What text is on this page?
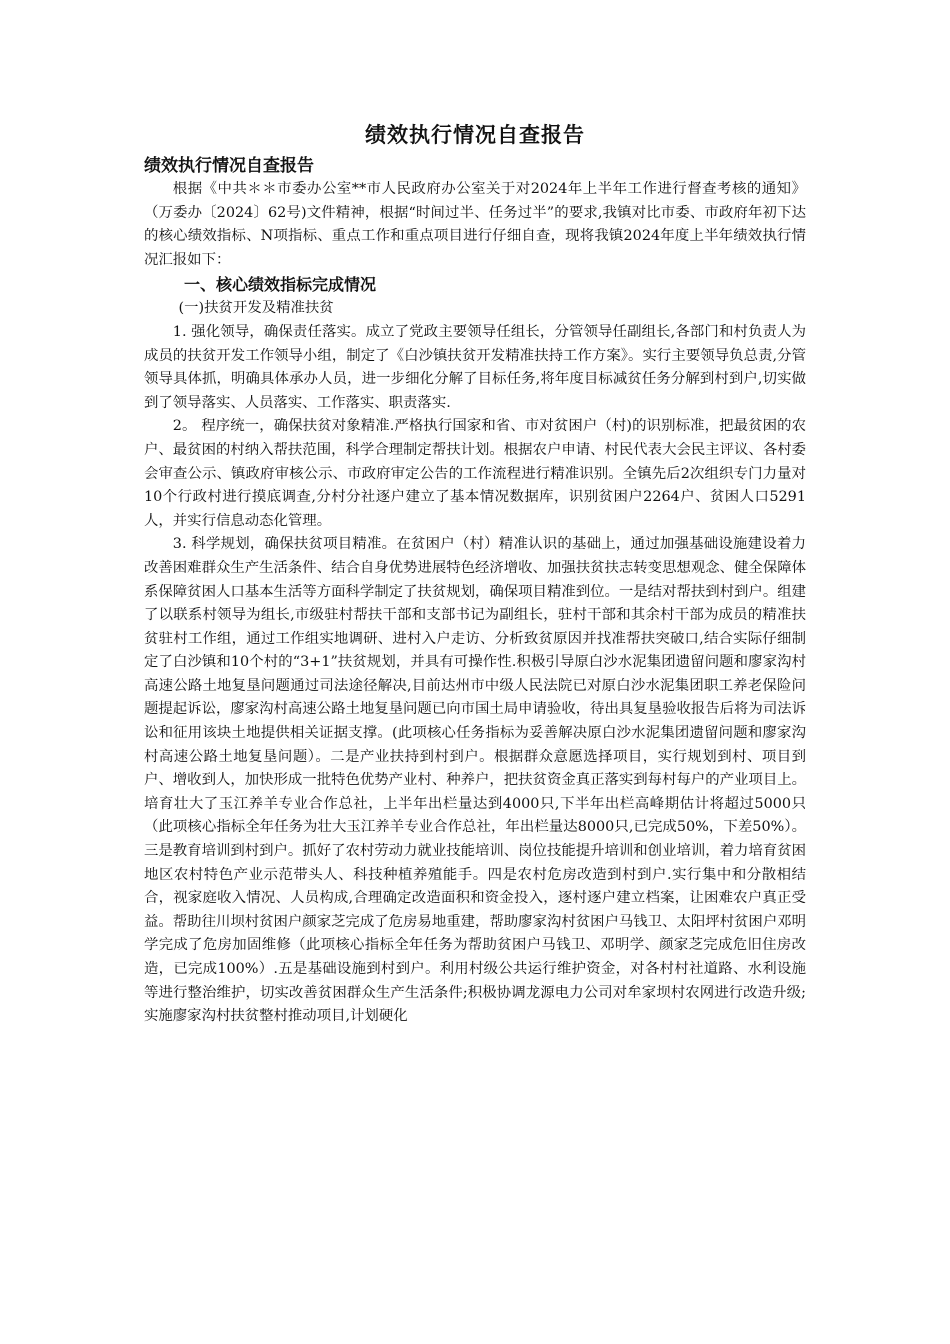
绩效执行情况自查报告
绩效执行情况自查报告

根据《中共＊＊市委办公室**市人民政府办公室关于对2024年上半年工作进行督查考核的通知》（万委办〔2024〕62号)文件精神，根据“时间过半、任务过半”的要求,我镇对比市委、市政府年初下达的核心绩效指标、N项指标、重点工作和重点项目进行仔细自查，现将我镇2024年度上半年绩效执行情况汇报如下：

一、核心绩效指标完成情况
(一)扶贫开发及精准扶贫

1. 强化领导，确保责任落实。成立了党政主要领导任组长，分管领导任副组长,各部门和村负责人为成员的扶贫开发工作领导小组，制定了《白沙镇扶贫开发精准扶持工作方案》。实行主要领导负总责,分管领导具体抓，明确具体承办人员，进一步细化分解了目标任务,将年度目标减贫任务分解到村到户,切实做到了领导落实、人员落实、工作落实、职责落实.

2。 程序统一，确保扶贫对象精准.严格执行国家和省、市对贫困户（村)的识别标准，把最贫困的农户、最贫困的村纳入帮扶范围，科学合理制定帮扶计划。根据农户申请、村民代表大会民主评议、各村委会审查公示、镇政府审核公示、市政府审定公告的工作流程进行精准识别。全镇先后2次组织专门力量对10个行政村进行摸底调查,分村分社逐户建立了基本情况数据库，识别贫困户2264户、贫困人口5291人，并实行信息动态化管理。

3. 科学规划，确保扶贫项目精准。在贫困户（村）精准认识的基础上，通过加强基础设施建设着力改善困难群众生产生活条件、结合自身优势进展特色经济增收、加强扶贫扶志转变思想观念、健全保障体系保障贫困人口基本生活等方面科学制定了扶贫规划，确保项目精准到位。一是结对帮扶到村到户。组建了以联系村领导为组长,市级驻村帮扶干部和支部书记为副组长，驻村干部和其余村干部为成员的精准扶贫驻村工作组，通过工作组实地调研、进村入户走访、分析致贫原因并找准帮扶突破口,结合实际仔细制定了白沙镇和10个村的“3+1”扶贫规划，并具有可操作性.积极引导原白沙水泥集团遗留问题和廖家沟村高速公路土地复垦问题通过司法途径解决,目前达州市中级人民法院已对原白沙水泥集团职工养老保险问题提起诉讼，廖家沟村高速公路土地复垦问题已向市国土局申请验收，待出具复垦验收报告后将为司法诉讼和征用该块土地提供相关证据支撑。(此项核心任务指标为妥善解决原白沙水泥集团遗留问题和廖家沟村高速公路土地复垦问题）。二是产业扶持到村到户。根据群众意愿选择项目，实行规划到村、项目到户、增收到人，加快形成一批特色优势产业村、种养户，把扶贫资金真正落实到每村每户的产业项目上。培育壮大了玉江养羊专业合作总社，上半年出栏量达到4000只,下半年出栏高峰期估计将超过5000只（此项核心指标全年任务为壮大玉江养羊专业合作总社，年出栏量达8000只,已完成50%，下差50%）。三是教育培训到村到户。抓好了农村劳动力就业技能培训、岗位技能提升培训和创业培训，着力培育贫困地区农村特色产业示范带头人、科技种植养殖能手。四是农村危房改造到村到户.实行集中和分散相结合，视家庭收入情况、人员构成,合理确定改造面积和资金投入，逐村逐户建立档案，让困难农户真正受益。帮助往川坝村贫困户颜家芝完成了危房易地重建，帮助廖家沟村贫困户马钱卫、太阳坪村贫困户邓明学完成了危房加固维修（此项核心指标全年任务为帮助贫困户马钱卫、邓明学、颜家芝完成危旧住房改造，已完成100%）.五是基础设施到村到户。利用村级公共运行维护资金，对各村村社道路、水利设施等进行整治维护，切实改善贫困群众生产生活条件;积极协调龙源电力公司对牟家坝村农网进行改造升级;实施廖家沟村扶贫整村推动项目,计划硬化
